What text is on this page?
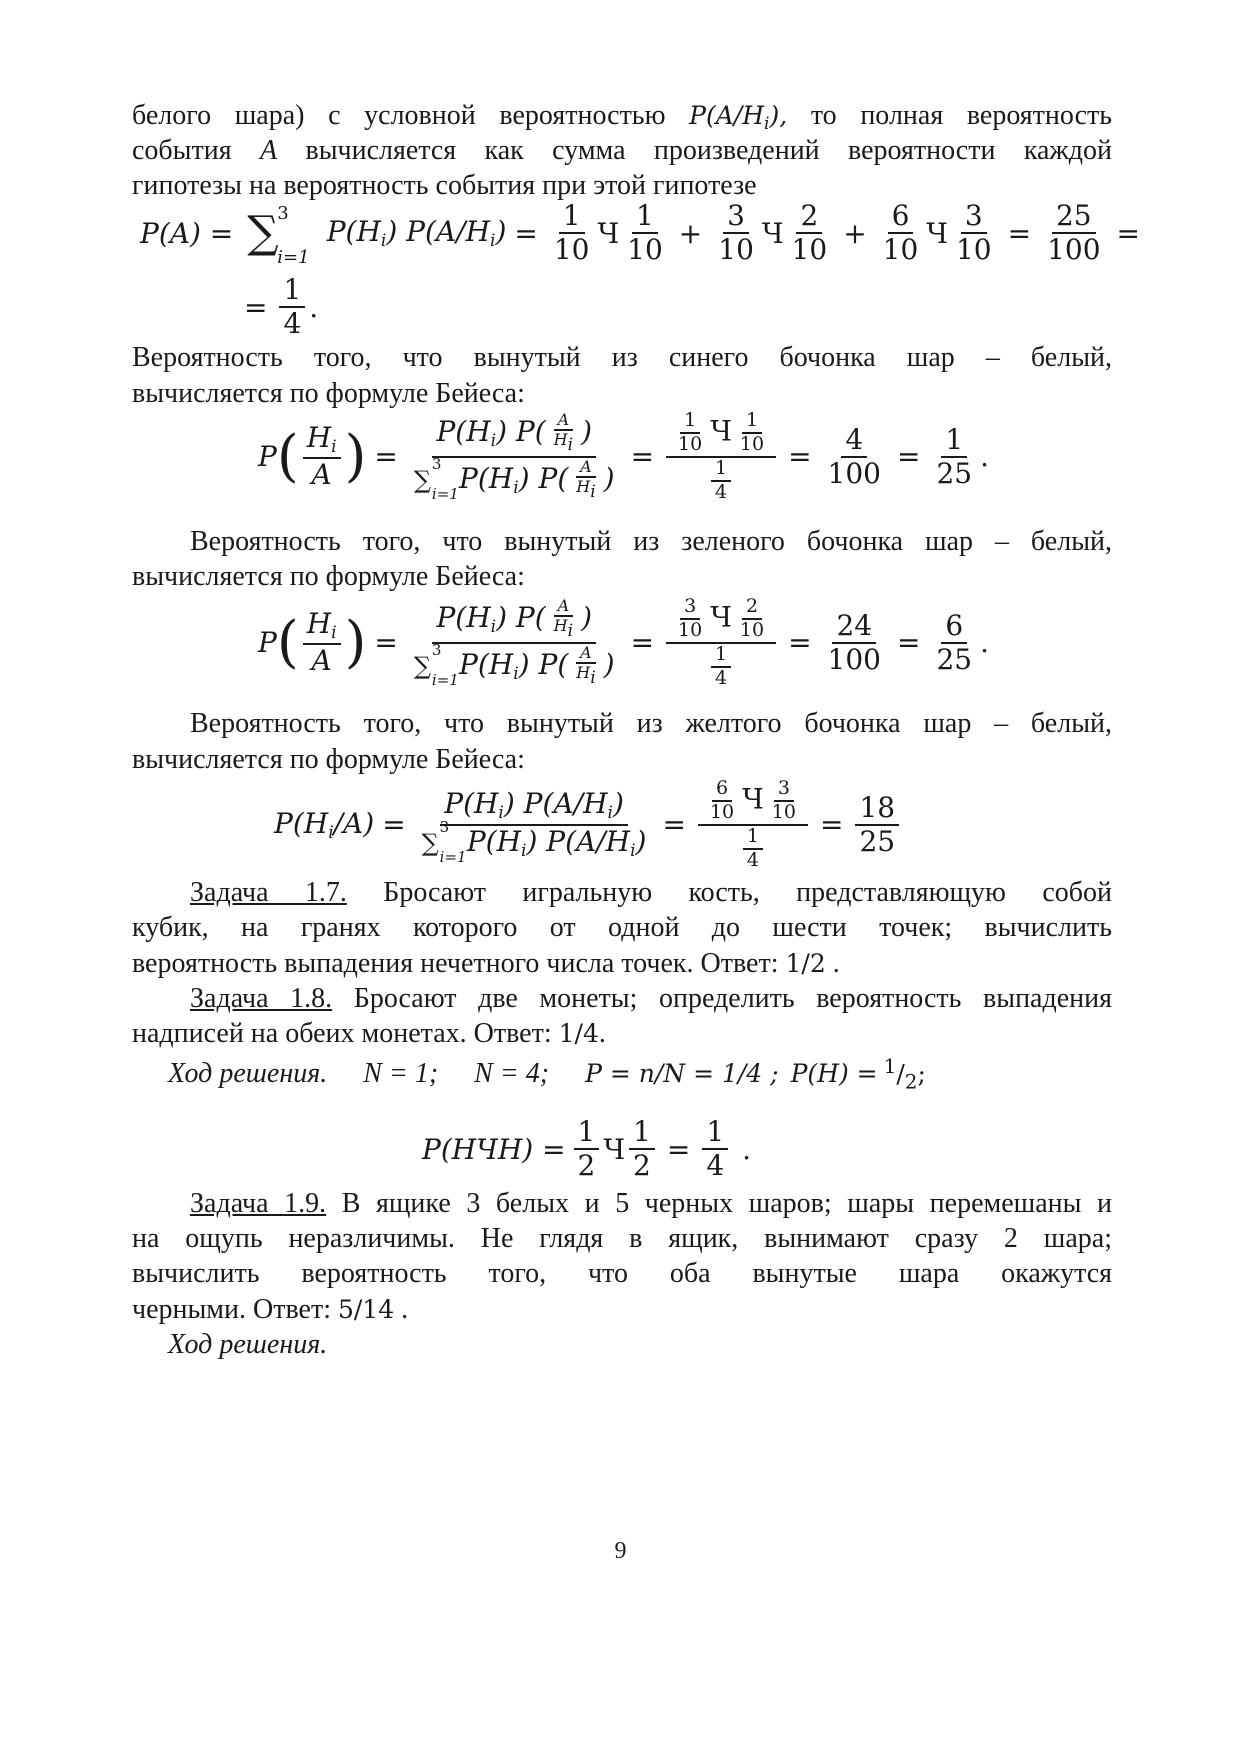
белого шара) с условной вероятностью $P(A/H_i)$, то полная вероятность

события A вычисляется как сумма произведений вероятности каждой

гипотезы на вероятность события при этой гипотезе

P(A) = ∑
3
i=1
$P(H_i) P(A/H_i) = \frac{1}{10}$ Ч $\frac{1}{10} + \frac{3}{10}$ Ч $\frac{2}{10} + \frac{6}{10}$ Ч $\frac{3}{10} = \frac{25}{100}$ =
= $\frac{1}{4}$ .

Вероятность того, что вынутый из синего бочонка шар – белый,

вычисляется по формуле Бейеса:

P ( $\frac{H_i}{A}$ ) = $P(H_i)$ $P( \frac{A}{H_i}$ )
∑
3
i=1 $P(H_i)$ $P( \frac{A}{H_i}$ ) = $\frac{\frac{1}{10} Ч \frac{1}{10}}{\frac{1}{4}} = \frac{4}{100} = \frac{1}{25}$ .

Вероятность того, что вынутый из зеленого бочонка шар – белый,

вычисляется по формуле Бейеса:

P ( $\frac{H_i}{A}$ ) = $P(H_i)$ $P( \frac{A}{H_i}$ )
∑
3
i=1 $P(H_i)$ $P( \frac{A}{H_i}$ ) = $\frac{\frac{3}{10} Ч \frac{2}{10}}{\frac{1}{4}} = \frac{24}{100} = \frac{6}{25}$ .

Вероятность того, что вынутый из желтого бочонка шар – белый,

вычисляется по формуле Бейеса:

$P(H_i/A) = P(H_i)$ $P(A/H_i)$
∑
3
i=1 $P(H_i) P(A/H_i) = \frac{\frac{6}{10} Ч \frac{3}{10}}{\frac{1}{4}} = \frac{18}{25}$

Задача 1.7. Бросают игральную кость, представляющую собой

кубик, на гранях которого от одной до шести точек; вычислить

вероятность выпадения нечетного числа точек. Ответ: 1/2 .

Задача 1.8. Бросают две монеты; определить вероятность выпадения

надписей на обеих монетах. Ответ: 1/4.

Ход решения. N = 1; N = 4; P = n/N = 1/4 ; $P(H) = ^1/_2$ ;
$P(HЧH) = \frac{1}{2}$ Ч $\frac{1}{2} = \frac{1}{4}$ .

Задача 1.9. В ящике 3 белых и 5 черных шаров; шары перемешаны и

на ощупь неразличимы. Не глядя в ящик, вынимают сразу 2 шара;

вычислить вероятность того, что оба вынутые шара окажутся

черными. Ответ: 5/14 .

Ход решения.

9
